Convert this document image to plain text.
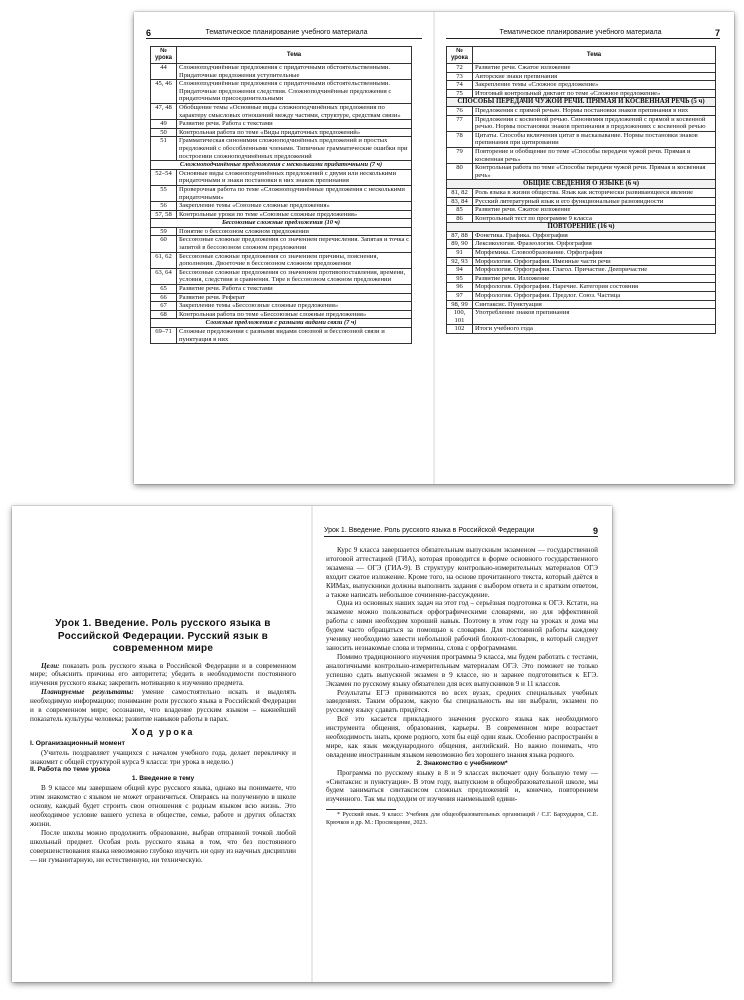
6	Тематическое планирование учебного материала
№ урока	Тема
44	Сложноподчинённые предложения с придаточными обстоятельственными. Придаточные предложения уступительные
45, 46	Сложноподчинённые предложения с придаточными обстоятельственными. Придаточные предложения следствия. Сложноподчинённые предложения с придаточными присоединительными
47, 48	Обобщение темы «Основные виды сложноподчинённых предложения по характеру смысловых отношений между частями, структуре, средствам связи»
49	Развитие речи. Работа с текстами
50	Контрольная работа по теме «Виды придаточных предложений»
51	Грамматическая синонимия сложноподчинённых предложений и простых предложений с обособленными членами. Типичные грамматические ошибки при построении сложноподчинённых предложений
Сложноподчинённые предложения с несколькими придаточными (7 ч)	
52–54	Основные виды сложноподчинённых предложений с двумя или несколькими придаточными и знаки постановки в них знаков препинания
55	Проверочная работа по теме «Сложноподчинённые предложения с несколькими придаточными»
56	Закрепление темы «Союзные сложные предложения»
57, 58	Контрольные уроки по теме «Союзные сложные предложения»
Бессоюзные сложные предложения (10 ч)	
59	Понятие о бессоюзном сложном предложении
60	Бессоюзные сложные предложения со значением перечисления. Запятая и точка с запятой в бессоюзном сложном предложении
61, 62	Бессоюзные сложные предложения со значением причины, пояснения, дополнения. Двоеточие в бессоюзном сложном предложении
63, 64	Бессоюзные сложные предложения со значением противопоставления, времени, условия, следствия и сравнения. Тире в бессоюзном сложном предложении
65	Развитие речи. Работа с текстами
66	Развитие речи. Реферат
67	Закрепление темы «Бессоюзные сложные предложения»
68	Контрольная работа по теме «Бессоюзные сложные предложения»
Сложные предложения с разными видами связи (7 ч)	
69–71	Сложные предложения с разными видами союзной и бессоюзной связи и пунктуация в них
Тематическое планирование учебного материала	7
№ урока	Тема
72	Развитие речи. Сжатое изложение
73	Авторские знаки препинания
74	Закрепление темы «Сложное предложение»
75	Итоговый контрольный диктант по теме «Сложное предложение»
СПОСОБЫ ПЕРЕДАЧИ ЧУЖОЙ РЕЧИ. ПРЯМАЯ И КОСВЕННАЯ РЕЧЬ (5 ч)	
76	Предложения с прямой речью. Нормы постановки знаков препинания в них
77	Предложения с косвенной речью. Синонимия предложений с прямой и косвенной речью. Нормы постановки знаков препинания в предложениях с косвенной речью
78	Цитаты. Способы включения цитат в высказывание. Нормы постановки знаков препинания при цитировании
79	Повторение и обобщение по теме «Способы передачи чужой речи. Прямая и косвенная речь»
80	Контрольная работа по теме «Способы передачи чужой речи. Прямая и косвенная речь»
ОБЩИЕ СВЕДЕНИЯ О ЯЗЫКЕ (6 ч)	
81, 82	Роль языка в жизни общества. Язык как исторически развивающееся явление
83, 84	Русский литературный язык и его функциональные разновидности
85	Развитие речи. Сжатое изложение
86	Контрольный тест по программе 9 класса
ПОВТОРЕНИЕ (16 ч)	
87, 88	Фонетика. Графика. Орфография
89, 90	Лексикология. Фразеология. Орфография
91	Морфемика. Словообразование. Орфография
92, 93	Морфология. Орфография. Именные части речи
94	Морфология. Орфография. Глагол. Причастие. Деепричастие
95	Развитие речи. Изложение
96	Морфология. Орфография. Наречие. Категория состояния
97	Морфология. Орфография. Предлог. Союз. Частица
98, 99	Синтаксис. Пунктуация
100, 101	Употребление знаков препинания
102	Итоги учебного года
Урок 1. Введение. Роль русского языка в Российской Федерации. Русский язык в современном мире

Цели: показать роль русского языка в Российской Федерации и в современном мире; объяснить причины его авторитета; убедить в необходимости постоянного изучения русского языка; закрепить мотивацию к изучению предмета.

Планируемые результаты: умение самостоятельно искать и выделять необходимую информацию; понимание роли русского языка в Российской Федерации и в современном мире; осознание, что владение русским языком – важнейший показатель культуры человека; развитие навыков работы в парах.

Ход урока

I. Организационный момент

(Учитель поздравляет учащихся с началом учебного года, делает перекличку и знакомит с общей структурой курса 9 класса: три урока в неделю.)

II. Работа по теме урока

1. Введение в тему

В 9 классе мы завершаем общий курс русского языка, однако вы понимаете, что этим знакомство с языком не может ограничиться. Опираясь на полученную в школе основу, каждый будет строить свои отношения с родным языком всю жизнь. Это необходимое условие вашего успеха в обществе, семье, работе и других областях жизни.

После школы можно продолжить образование, выбрав отправной точкой любой школьный предмет. Особая роль русского языка в том, что без постоянного совершенствования языка невозможно глубоко изучить ни одну из научных дисциплин — ни гуманитарную, ни естественную, ни техническую.

Урок 1. Введение. Роль русского языка в Российской Федерации	9

Курс 9 класса завершается обязательным выпускным экзаменом — государственной итоговой аттестацией (ГИА), которая проводится в форме основного государственного экзамена — ОГЭ (ГИА-9). В структуру контрольно-измерительных материалов ОГЭ входит сжатое изложение. Кроме того, на основе прочитанного текста, который даётся в КИМах, выпускники должны выполнить задания с выбором ответа и с кратким ответом, а также написать небольшое сочинение-рассуждение.

Одна из основных наших задач на этот год – серьёзная подготовка к ОГЭ. Кстати, на экзамене можно пользоваться орфографическими словарями, но для эффективной работы с ними необходим хороший навык. Поэтому в этом году на уроках и дома мы будем часто обращаться за помощью к словарям. Для постоянной работы каждому ученику необходимо завести небольшой рабочий блокнот-словарик, в который следует заносить незнакомые слова и термины, слова с орфограммами.

Помимо традиционного изучения программы 9 класса, мы будем работать с тестами, аналогичными контрольно-измерительным материалам ОГЭ. Это поможет не только успешно сдать выпускной экзамен в 9 классе, но и заранее подготовиться к ЕГЭ. Экзамен по русскому языку обязателен для всех выпускников 9 и 11 классов.

Результаты ЕГЭ принимаются во всех вузах, средних специальных учебных заведениях. Таким образом, какую бы специальность вы ни выбрали, экзамен по русскому языку сдавать придётся.

Всё это касается прикладного значения русского языка как необходимого инструмента общения, образования, карьеры. В современном мире возрастает необходимость знать, кроме родного, хотя бы ещё один язык. Особенно распространён в мире, как язык международного общения, английский. Но важно понимать, что овладение иностранным языком невозможно без хорошего знания языка родного.

2. Знакомство с учебником*

Программа по русскому языку в 8 и 9 классах включает одну большую тему — «Синтаксис и пунктуация». В этом году, выпускном в общеобразовательной школе, мы будем заниматься синтаксисом сложных предложений и, конечно, повторением изученного. Так мы подходим от изучения наименьшей едини-

* Русский язык. 9 класс: Учебник для общеобразовательных организаций / С.Г. Бархударов, С.Е. Крючков и др. М.: Просвещение, 2023.
